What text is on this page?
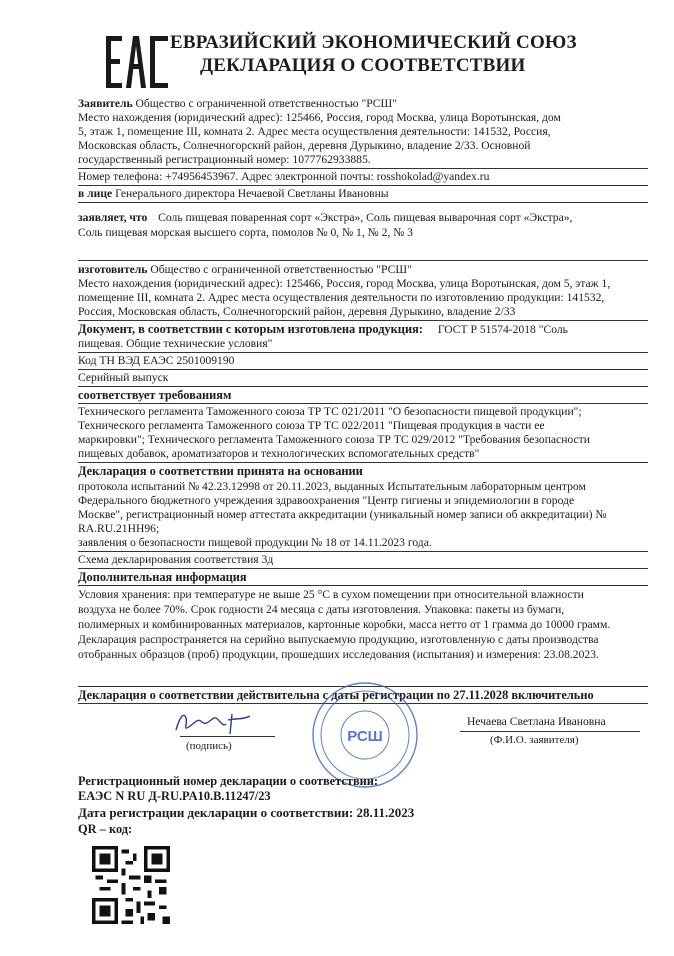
ЕВРАЗИЙСКИЙ ЭКОНОМИЧЕСКИЙ СОЮЗ
ДЕКЛАРАЦИЯ О СООТВЕТСТВИИ
Заявитель Общество с ограниченной ответственностью "РСШ"
Место нахождения (юридический адрес): 125466, Россия, город Москва, улица Воротынская, дом
5, этаж 1, помещение III, комната 2. Адрес места осуществления деятельности: 141532, Россия,
Московская область, Солнечногорский район, деревня Дурыкино, владение 2/33. Основной
государственный регистрационный номер: 1077762933885.
Номер телефона: +74956453967. Адрес электронной почты: rosshokolad@yandex.ru
в лице Генерального директора Нечаевой Светланы Ивановны
заявляет, что Соль пищевая поваренная сорт «Экстра», Соль пищевая выварочная сорт «Экстра»,
Соль пищевая морская высшего сорта, помолов № 0, № 1, № 2, № 3
изготовитель Общество с ограниченной ответственностью "РСШ"
Место нахождения (юридический адрес): 125466, Россия, город Москва, улица Воротынская, дом 5, этаж 1,
помещение III, комната 2. Адрес места осуществления деятельности по изготовлению продукции: 141532,
Россия, Московская область, Солнечногорский район, деревня Дурыкино, владение 2/33
Документ, в соответствии с которым изготовлена продукция: ГОСТ Р 51574-2018 "Соль
пищевая. Общие технические условия"
Код ТН ВЭД ЕАЭС 2501009190
Серийный выпуск
соответствует требованиям
Технического регламента Таможенного союза ТР ТС 021/2011 "О безопасности пищевой продукции";
Технического регламента Таможенного союза ТР ТС 022/2011 "Пищевая продукция в части ее
маркировки"; Технического регламента Таможенного союза ТР ТС 029/2012 "Требования безопасности
пищевых добавок, ароматизаторов и технологических вспомогательных средств"
Декларация о соответствии принята на основании
протокола испытаний № 42.23.12998 от 20.11.2023, выданных Испытательным лабораторным центром
Федерального бюджетного учреждения здравоохранения "Центр гигиены и эпидемиологии в городе
Москве", регистрационный номер аттестата аккредитации (уникальный номер записи об аккредитации) №
RA.RU.21НН96;
заявления о безопасности пищевой продукции № 18 от 14.11.2023 года.
Схема декларирования соответствия 3д
Дополнительная информация
Условия хранения: при температуре не выше 25 °С в сухом помещении при относительной влажности
воздуха не более 70%. Срок годности 24 месяца с даты изготовления. Упаковка: пакеты из бумаги,
полимерных и комбинированных материалов, картонные коробки, масса нетто от 1 грамма до 10000 грамм.
Декларация распространяется на серийно выпускаемую продукцию, изготовленную с даты производства
отобранных образцов (проб) продукции, прошедших исследования (испытания) и измерения: 23.08.2023.
Декларация о соответствии действительна с даты регистрации по 27.11.2028 включительно
(подпись)
Нечаева Светлана Ивановна
(Ф.И.О. заявителя)
РСШ
Регистрационный номер декларации о соответствии:
ЕАЭС N RU Д-RU.PA10.B.11247/23
Дата регистрации декларации о соответствии: 28.11.2023
QR – код:
